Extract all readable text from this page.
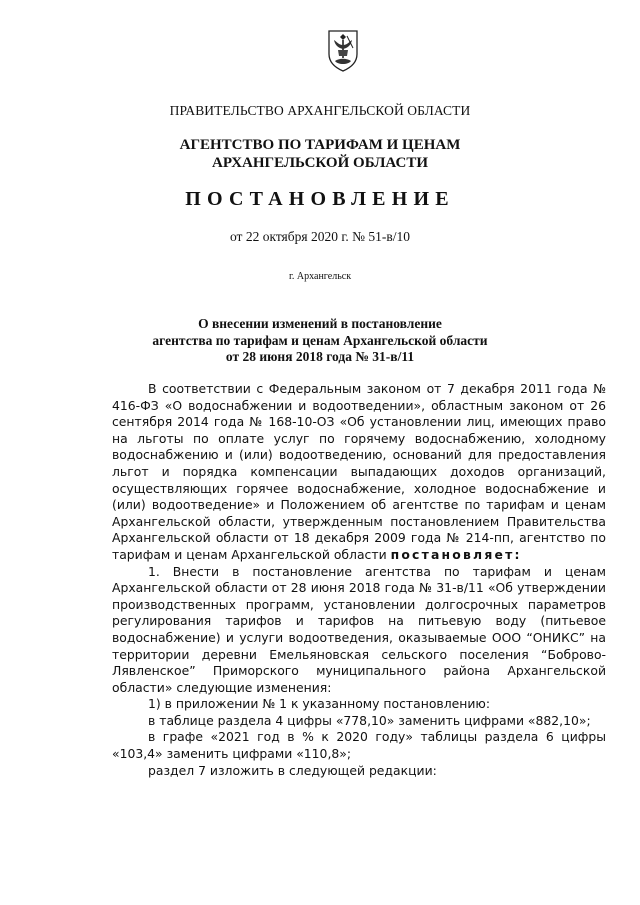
ПРАВИТЕЛЬСТВО АРХАНГЕЛЬСКОЙ ОБЛАСТИ
АГЕНТСТВО ПО ТАРИФАМ И ЦЕНАМ
АРХАНГЕЛЬСКОЙ ОБЛАСТИ
ПОСТАНОВЛЕНИЕ
от 22 октября 2020 г. № 51-в/10
г. Архангельск
О внесении изменений в постановление
агентства по тарифам и ценам Архангельской области
от 28 июня 2018 года № 31-в/11

В соответствии с Федеральным законом от 7 декабря 2011 года № 416-ФЗ «О водоснабжении и водоотведении», областным законом от 26 сентября 2014 года № 168-10-ОЗ «Об установлении лиц, имеющих право на льготы по оплате услуг по горячему водоснабжению, холодному водоснабжению и (или) водоотведению, оснований для предоставления льгот и порядка компенсации выпадающих доходов организаций, осуществляющих горячее водоснабжение, холодное водоснабжение и (или) водоотведение» и Положением об агентстве по тарифам и ценам Архангельской области, утвержденным постановлением Правительства Архангельской области от 18 декабря 2009 года № 214-пп, агентство по тарифам и ценам Архангельской области постановляет:

1. Внести в постановление агентства по тарифам и ценам Архангельской области от 28 июня 2018 года № 31-в/11 «Об утверждении производственных программ, установлении долгосрочных параметров регулирования тарифов и тарифов на питьевую воду (питьевое водоснабжение) и услуги водоотведения, оказываемые ООО “ОНИКС” на территории деревни Емельяновская сельского поселения “Боброво-Лявленское” Приморского муниципального района Архангельской области» следующие изменения:

1) в приложении № 1 к указанному постановлению:

в таблице раздела 4 цифры «778,10» заменить цифрами «882,10»;

в графе «2021 год в % к 2020 году» таблицы раздела 6 цифры «103,4» заменить цифрами «110,8»;

раздел 7 изложить в следующей редакции:
